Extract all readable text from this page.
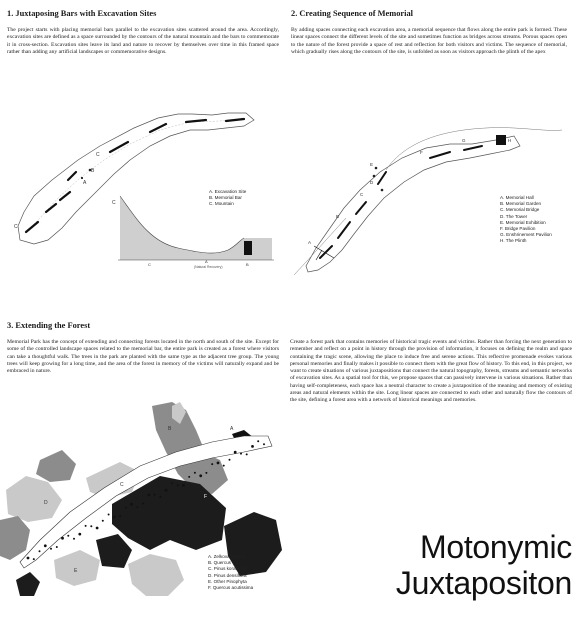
1. Juxtaposing Bars with Excavation Sites
The project starts with placing memorial bars parallel to the excavation sites scattered around the area. Accordingly, excavation sites are defined as a space surrounded by the contours of the natural mountain and the bars to commemorate it in cross-section. Excavation sites leave its land and nature to recover by themselves over time in this framed space rather than adding any artificial landscapes or commemorative designs.
C
B
A
C
C
C
A
B
(Natural Recovery)
A. Excavation Site
B. Memorial Bar
C. Mountain
2. Creating Sequence of Memorial
By adding spaces connecting each excavation area, a memorial sequence that flows along the entire park is formed. These linear spaces connect the different levels of the site and sometimes function as bridges across streams. Porous spaces open to the nature of the forest provide a space of rest and reflection for both visitors and victims. The sequence of memorial, which gradually rises along the contours of the site, is unfolded as soon as visitors approach the plinth of the apex
H
G
F
E
D
C
B
A
A. Memorial Hall
B. Memorial Garden
C. Memorial Bridge
D. The Tower
E. Memorial Exhibition
F. Bridge Pavilion
G. Enshrinement Pavilion
H. The Plinth
3. Extending the Forest
Memorial Park has the concept of extending and connecting forests located in the north and south of the site. Except for some of the controlled landscape spaces related to the memorial bar, the entire park is created as a forest where visitors can take a thoughtful walk. The trees in the park are planted with the same type as the adjacent tree group. The young trees will keep growing for a long time, and the area of the forest in memory of the victims will naturally expand and be embraced in nature.
Create a forest park that contains memories of historical tragic events and victims. Rather than forcing the next generation to remember and reflect on a point in history through the provision of information, it focuses on defining the realm and space containing the tragic scene, allowing the place to induce free and serene actions. This reflective promenade evokes various personal memories and finally makes it possible to connect them with the great flow of history. To this end, in this project, we want to create situations of various juxtapositions that connect the natural topography, forests, streams and semantic networks of excavation sites. As a spatial tool for this, we propose spaces that can passively intervene in various situations. Rather than having self-completeness, each space has a neutral character to create a juxtaposition of the meaning and memory of existing areas and natural elements within the site. Long linear spaces are connected to each other and naturally flow the contours of the site, defining a forest area with a network of historical meanings and memories.
A
B
C
D
E
F
A. Zelkova serrata
B. Quercus
C. Pinus koraiensis
D. Pinus densiflora
E. Other Pinophyta
F. Quercus acutissima
Motonymic
Juxtapositon
